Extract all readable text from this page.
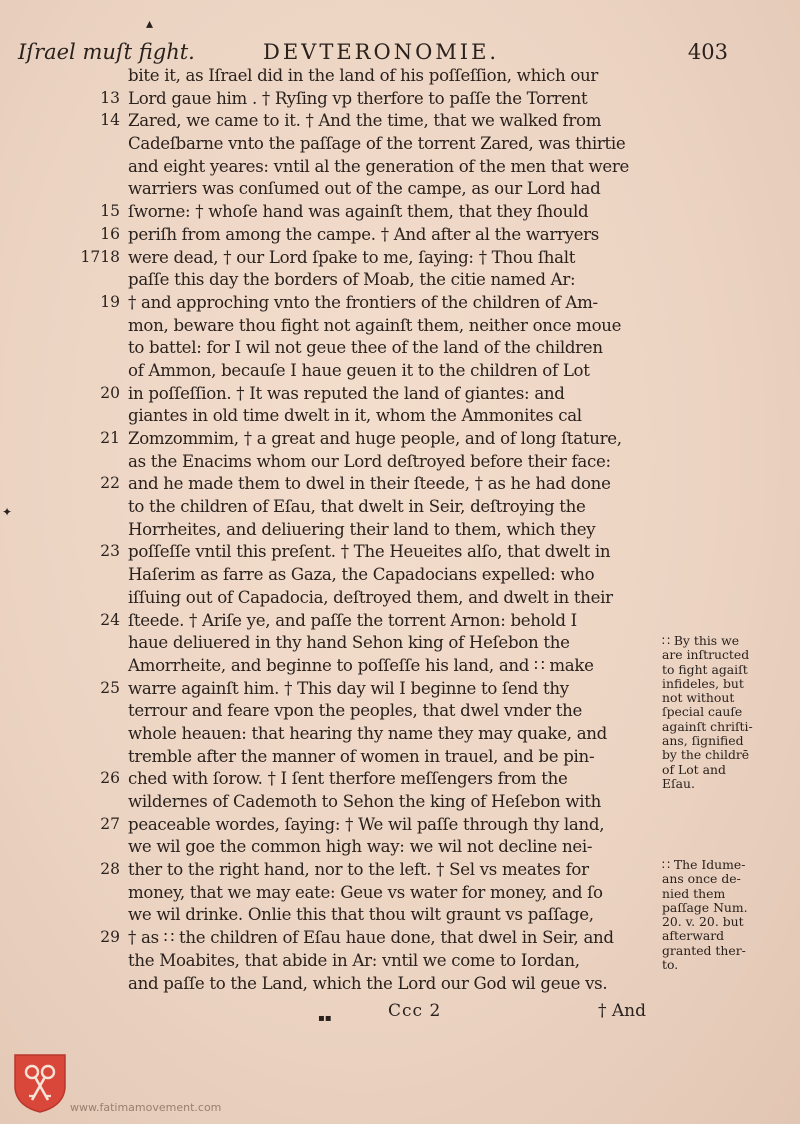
▴
✦
Iſrael muſt fight.	DEVTERONOMIE.	403
bite it, as Iſrael did in the land of his poſſeſſion, which our
13 Lord gaue him . † Ryſing vp therfore to paſſe the Torrent
14 Zared, we came to it. † And the time, that we walked from
Cadeſbarne vnto the paſſage of the torrent Zared, was thirtie
and eight yeares: vntil al the generation of the men that were
warriers was conſumed out of the campe, as our Lord had
15 ſworne: † whoſe hand was againſt them, that they ſhould
16 periſh from among the campe. † And after al the warryers
1718 were dead, † our Lord ſpake to me, ſaying: † Thou ſhalt
paſſe this day the borders of Moab, the citie named Ar:
19 † and approching vnto the frontiers of the children of Am-
mon, beware thou fight not againſt them, neither once moue
to battel: for I wil not geue thee of the land of the children
of Ammon, becauſe I haue geuen it to the children of Lot
20 in poſſeſſion. † It was reputed the land of giantes: and
giantes in old time dwelt in it, whom the Ammonites cal
21 Zomzommim, † a great and huge people, and of long ſtature,
as the Enacims whom our Lord deſtroyed before their face:
22 and he made them to dwel in their ſteede, † as he had done
to the children of Eſau, that dwelt in Seir, deſtroying the
Horrheites, and deliuering their land to them, which they
23 poſſeſſe vntil this preſent. † The Heueites alſo, that dwelt in
Haſerim as farre as Gaza, the Capadocians expelled: who
iſſuing out of Capadocia, deſtroyed them, and dwelt in their
24 ſteede. † Ariſe ye, and paſſe the torrent Arnon: behold I
haue deliuered in thy hand Sehon king of Heſebon the
Amorrheite, and beginne to poſſeſſe his land, and ∷ make
25 warre againſt him. † This day wil I beginne to ſend thy
terrour and feare vpon the peoples, that dwel vnder the
whole heauen: that hearing thy name they may quake, and
tremble after the manner of women in trauel, and be pin-
26 ched with ſorow. † I ſent therfore meſſengers from the
wildernes of Cademoth to Sehon the king of Heſebon with
27 peaceable wordes, ſaying: † We wil paſſe through thy land,
we wil goe the common high way: we wil not decline nei-
28 ther to the right hand, nor to the left. † Sel vs meates for
money, that we may eate: Geue vs water for money, and ſo
we wil drinke. Onlie this that thou wilt graunt vs paſſage,
29 † as ∷ the children of Eſau haue done, that dwel in Seir, and
the Moabites, that abide in Ar: vntil we come to Iordan,
and paſſe to the Land, which the Lord our God wil geue vs.
∷ By this we
are inſtructed
to fight agaiſt
infideles, but
not without
ſpecial cauſe
againſt chriſti-
ans, ſignified
by the childrē
of Lot and
Eſau.
∷ The Idume-
ans once de-
nied them
paſſage Num.
20. v. 20. but
afterward
granted ther-
to.
Ccc 2	† And
▪▪
www.fatimamovement.com
